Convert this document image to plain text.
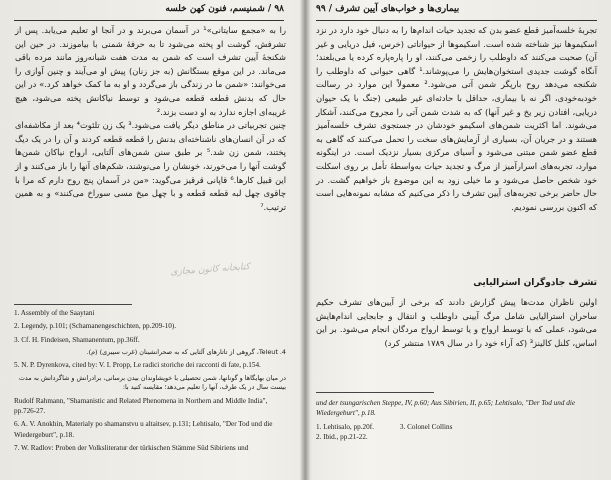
۹۸ / شمنیسم، فنون کهن خلسه

را به «مجمع سایتانی»¹ در آسمان می‌برند و در آنجا او تعلیم می‌یابد. پس از تشرفش، گوشت او پخته می‌شود تا به حرفهٔ شمنی با بیاموزند. در حین این شکنجهٔ آیین تشرف است که شمن به مدت هفت شبانه‌روز مانند مرده باقی می‌ماند. در این موقع بستگانش (به جز زنان) پیش او می‌آیند و چنین آوازی را می‌خوانند: «شمن ما در زندگی باز می‌گردد و او به ما کمک خواهد کرد.» در این حال که بدنش قطعه قطعه می‌شود و توسط نیاکانش پخته می‌شود، هیچ غریبه‌ای اجازه ندارد به او دست بزند.²

چنین تجربیاتی در مناطق دیگر یافت می‌شود.³ یک زن تلئوت⁴ بعد از مکاشفه‌ای که در آن انسان‌های ناشناخته‌ای بدنش را قطعه قطعه کردند و آن را در یک دیگ پختند، شمن زن شد.⁵ بر طبق سنن شمن‌های آلتایی، ارواح نیاکان شمن‌ها گوشت آنها را می‌خورند، خونشان را می‌نوشند، شکم‌های آنها را باز می‌کنند و از این قبیل کارها.⁶ قاپانی قرقیز می‌گوید: «من در آسمان پنج روح دارم که مرا با چاقوی چهل لبه قطعه قطعه و با چهل میخ مسی سوراخ می‌کنند» و به همین ترتیب.⁷

کتابخانه کانون مجازی

1. Assembly of the Saaytani

2. Legendy, p.101; (Schamanengeschichten, pp.209-10).

3. Cf. H. Findeisen, Shamanentum, pp.36ff.

4. Teleut، گروهی از تاتارهای آلتایی که به صحرانشینان (غرب سیبری) (م).

5. N. P. Dyrenkova, cited by: V. I. Propp, Le radici storiche dei racconti di fate, p.154.

در میان بهایگاها و گونانها، شمن تحصیلی با خویشاوندان بیدن برسانی، برادرانش و شاگردانش به مدت بیست سال در یک طرف، آنها را تعلیم می‌دهد؛ مقایسه کنید با:

Rudolf Rahmann, "Shamanistic and Related Phenomena in Northern and Middle India", pp.726-27.

6. A. V. Anokhin, Materialy po shamanstvu u altaitsev, p.131; Lehtisalo, "Der Tod und die Wiedergeburt", p.18.

7. W. Radlov: Proben der Volksliteratur der türkischen Stämme Süd Sibiriens und

بیماری‌ها و خواب‌های آیین تشرف / ۹۹

تجربهٔ خلسه‌آمیز قطع عضو بدن که تجدید حیات اندام‌ها را به دنبال خود دارد در نزد اسکیموها نیز شناخته شده است. اسکیموها از حیواناتی (خرس، فیل دریایی و غیر آن) صحبت می‌کنند که داوطلب را زخمی می‌کنند، او را پاره‌پاره کرده یا می‌بلعند؛ آنگاه گوشت جدیدی استخوان‌هایش را می‌پوشاند.¹ گاهی حیوانی که داوطلب را شکنجه می‌دهد روح بارپگر شمن آتی می‌شود.² معمولاً این موارد در رسالت خودبه‌خودی، اگر نه با بیماری، حداقل با حادثه‌ای غیر طبیعی (جنگ با یک حیوان دریایی، افتادن زیر یخ و غیر آنها) که به شدت شمن آتی را مجروح می‌کنند، آشکار می‌شوند. اما اکثریت شمن‌های اسکیمو خودشان در جستجوی تشرف خلسه‌آمیز هستند و در جریان آن، بسیاری از آزمایش‌های سخت را تحمل می‌کنند که گاهی به قطع عضو شمن مبتنی می‌شود و آسیای مرکزی بسیار نزدیک است. در اینگونه موارد، تجربه‌های اسرارآمیز از مرگ و تجدید حیات به‌واسطهٔ تأمل بر روی اسکلت خود شخص حاصل می‌شود و ما خیلی زود به این موضوع باز خواهیم گشت. در حال حاضر برخی تجربه‌های آیین تشرف را ذکر می‌کنیم که مشابه نمونه‌هایی است که اکنون بررسی نمودیم.

تشرف جادوگران استرالیایی

اولین ناظران مدت‌ها پیش گزارش دادند که برخی از آیین‌های تشرف حکیم ساحران استرالیایی شامل مرگ آیینی داوطلب و انتقال و جابجایی اندام‌هایش می‌شود، عملی که با توسط ارواح و یا توسط ارواح مردگان انجام می‌شود. بر این اساس، کلنل کالینز³ (که آراء خود را در سال ۱۷۸۹ منتشر کرد)

und der tsungarischen Steppe, IV, p.60; Aus Sibirien, II, p.65; Lehtisalo, "Der Tod und die Wiedergeburt", p.18.

1. Lehtisalo, pp.20f.	3. Colonel Collins

2. Ibid., pp.21-22.
